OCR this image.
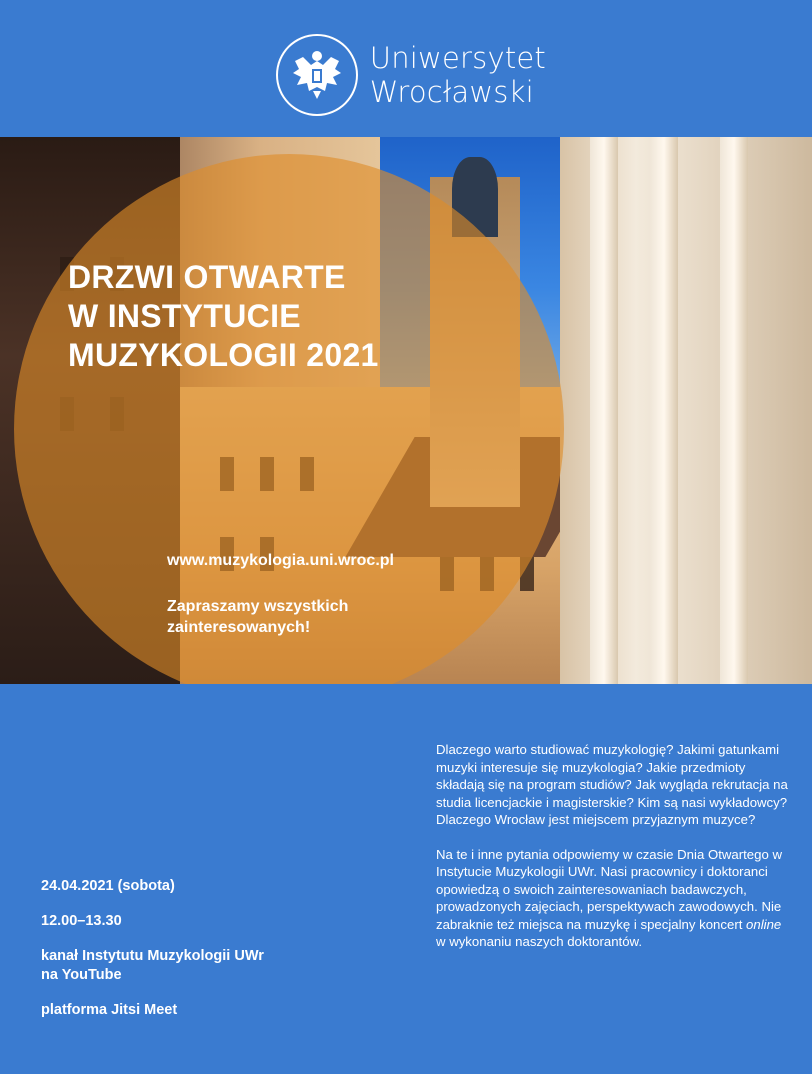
Uniwersytet
Wrocławski
DRZWI OTWARTE
W INSTYTUCIE
MUZYKOLOGII 2021
www.muzykologia.uni.wroc.pl
Zapraszamy wszystkich zainteresowanych!
24.04.2021 (sobota)
12.00–13.30
kanał Instytutu Muzykologii UWr na YouTube
platforma Jitsi Meet

Dlaczego warto studiować muzykologię? Jakimi gatunkami muzyki interesuje się muzykologia? Jakie przedmioty składają się na program studiów? Jak wygląda rekrutacja na studia licencjackie i magisterskie? Kim są nasi wykładowcy? Dlaczego Wrocław jest miejscem przyjaznym muzyce?

Na te i inne pytania odpowiemy w czasie Dnia Otwartego w Instytucie Muzykologii UWr. Nasi pracownicy i doktoranci opowiedzą o swoich zainteresowaniach badawczych, prowadzonych zajęciach, perspektywach zawodowych. Nie zabraknie też miejsca na muzykę i specjalny koncert online w wykonaniu naszych doktorantów.
